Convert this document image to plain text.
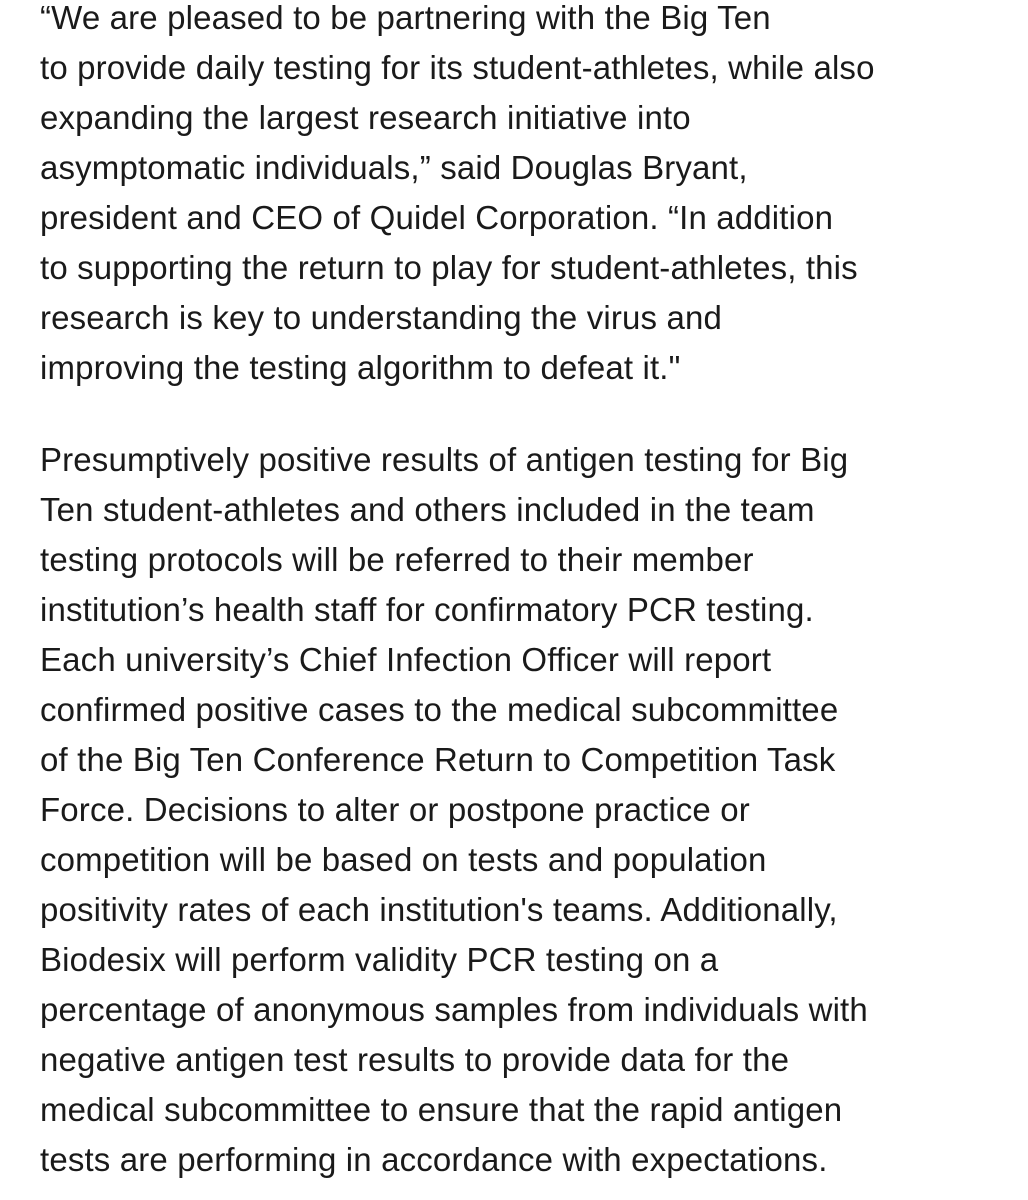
“We are pleased to be partnering with the Big Ten
to provide daily testing for its student-athletes, while also
expanding the largest research initiative into
asymptomatic individuals,” said Douglas Bryant,
president and CEO of Quidel Corporation. “In addition
to supporting the return to play for student-athletes, this
research is key to understanding the virus and
improving the testing algorithm to defeat it."
Presumptively positive results of antigen testing for Big
Ten student-athletes and others included in the team
testing protocols will be referred to their member
institution’s health staff for confirmatory PCR testing.
Each university’s Chief Infection Officer will report
confirmed positive cases to the medical subcommittee
of the Big Ten Conference Return to Competition Task
Force. Decisions to alter or postpone practice or
competition will be based on tests and population
positivity rates of each institution's teams. Additionally,
Biodesix will perform validity PCR testing on a
percentage of anonymous samples from individuals with
negative antigen test results to provide data for the
medical subcommittee to ensure that the rapid antigen
tests are performing in accordance with expectations.
